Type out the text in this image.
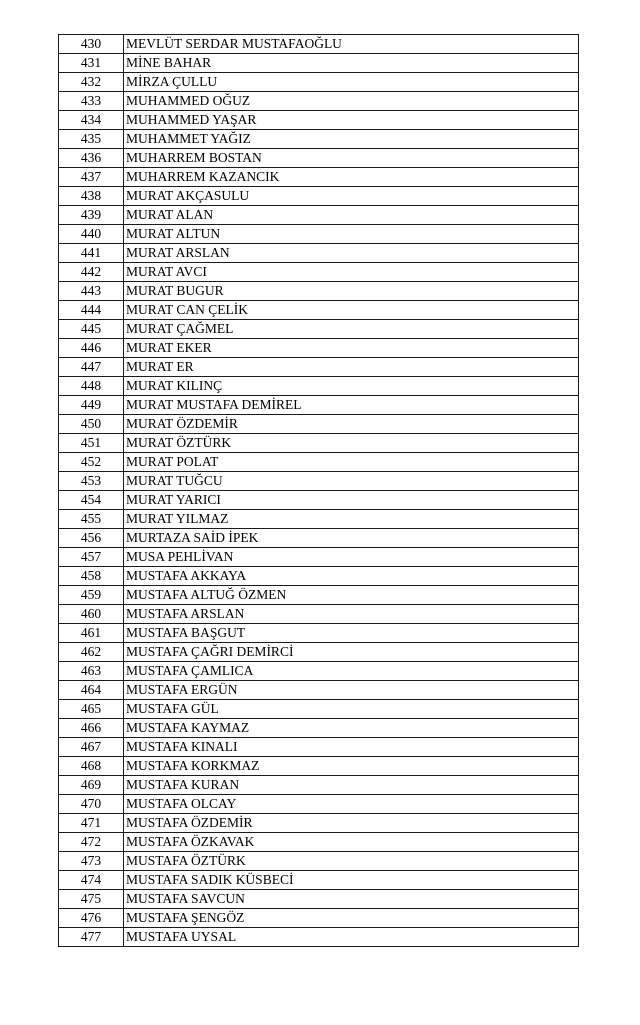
430	MEVLÜT SERDAR MUSTAFAOĞLU
431	MİNE BAHAR
432	MİRZA ÇULLU
433	MUHAMMED OĞUZ
434	MUHAMMED YAŞAR
435	MUHAMMET YAĞIZ
436	MUHARREM BOSTAN
437	MUHARREM KAZANCIK
438	MURAT AKÇASULU
439	MURAT ALAN
440	MURAT ALTUN
441	MURAT ARSLAN
442	MURAT AVCI
443	MURAT BUGUR
444	MURAT CAN ÇELİK
445	MURAT ÇAĞMEL
446	MURAT EKER
447	MURAT ER
448	MURAT KILINÇ
449	MURAT MUSTAFA DEMİREL
450	MURAT ÖZDEMİR
451	MURAT ÖZTÜRK
452	MURAT POLAT
453	MURAT TUĞCU
454	MURAT YARICI
455	MURAT YILMAZ
456	MURTAZA SAİD İPEK
457	MUSA PEHLİVAN
458	MUSTAFA AKKAYA
459	MUSTAFA ALTUĞ ÖZMEN
460	MUSTAFA ARSLAN
461	MUSTAFA BAŞGUT
462	MUSTAFA ÇAĞRI DEMİRCİ
463	MUSTAFA ÇAMLICA
464	MUSTAFA ERGÜN
465	MUSTAFA GÜL
466	MUSTAFA KAYMAZ
467	MUSTAFA KINALI
468	MUSTAFA KORKMAZ
469	MUSTAFA KURAN
470	MUSTAFA OLCAY
471	MUSTAFA ÖZDEMİR
472	MUSTAFA ÖZKAVAK
473	MUSTAFA ÖZTÜRK
474	MUSTAFA SADIK KÜSBECİ
475	MUSTAFA SAVCUN
476	MUSTAFA ŞENGÖZ
477	MUSTAFA UYSAL
